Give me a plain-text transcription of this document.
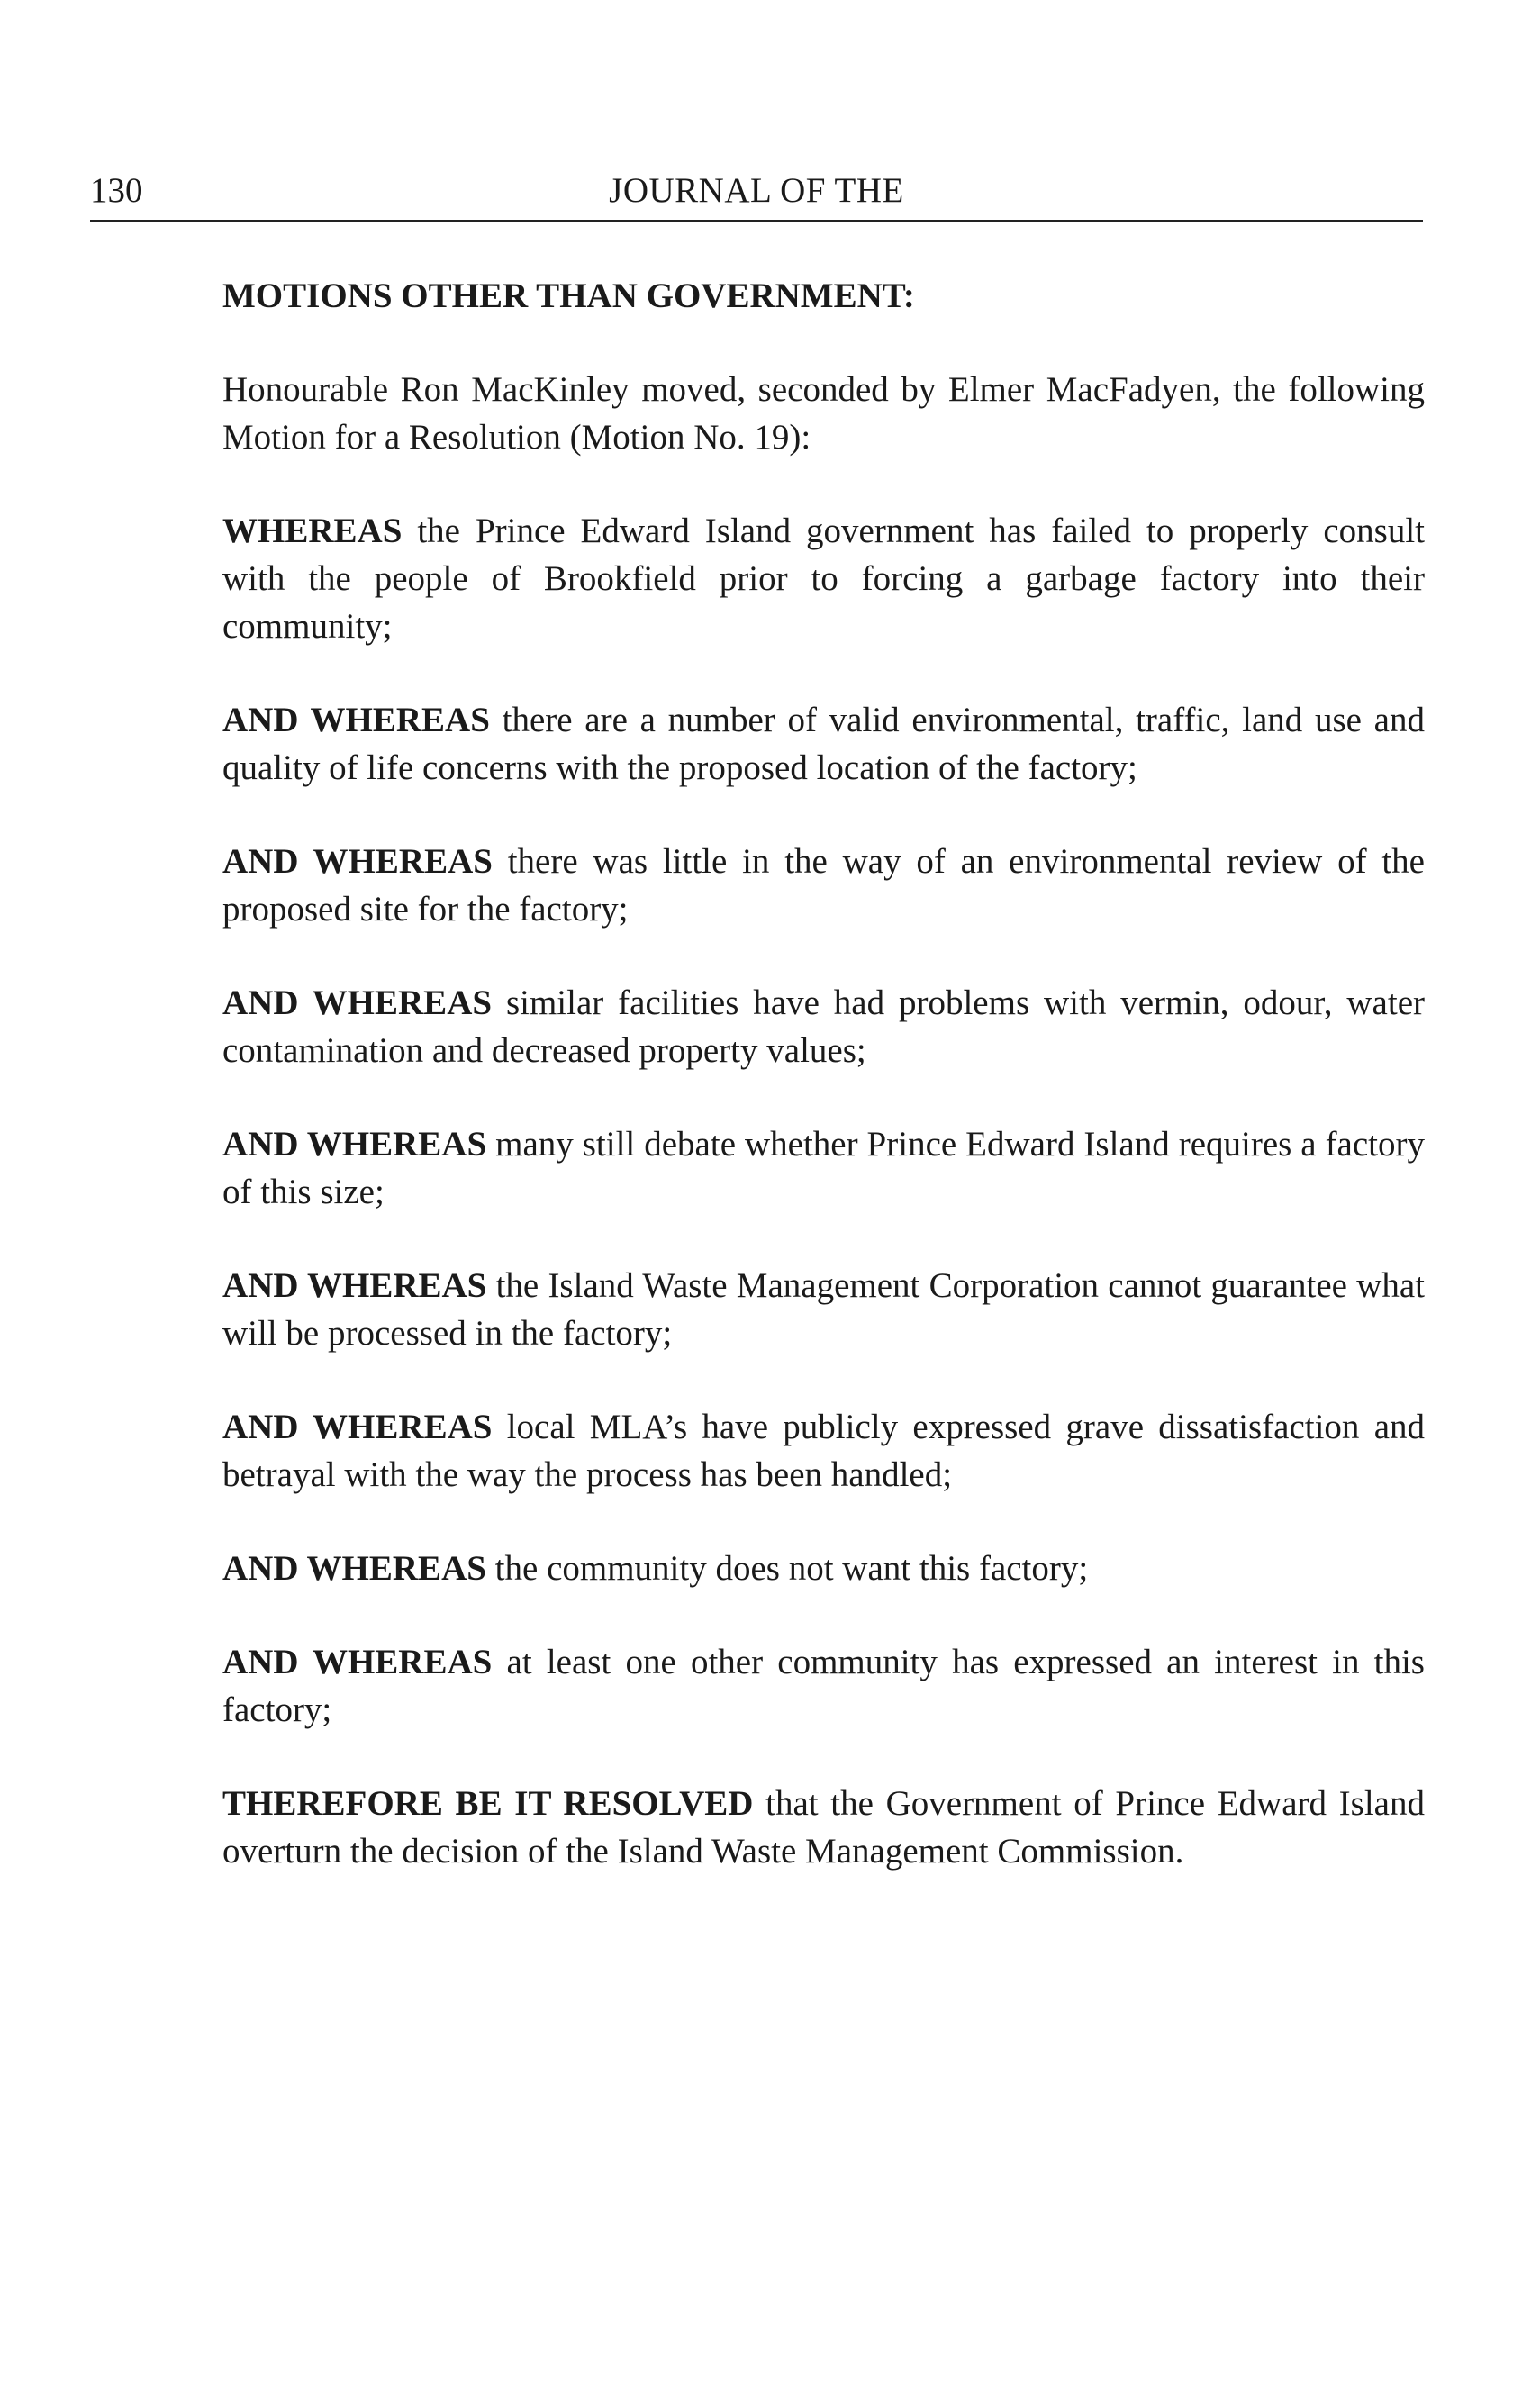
130	JOURNAL OF THE
MOTIONS OTHER THAN GOVERNMENT:

Honourable Ron MacKinley moved, seconded by Elmer MacFadyen, the following Motion for a Resolution (Motion No. 19):

WHEREAS the Prince Edward Island government has failed to properly consult with the people of Brookfield prior to forcing a garbage factory into their community;

AND WHEREAS there are a number of valid environmental, traffic, land use and quality of life concerns with the proposed location of the factory;

AND WHEREAS there was little in the way of an environmental review of the proposed site for the factory;

AND WHEREAS similar facilities have had problems with vermin, odour, water contamination and decreased property values;

AND WHEREAS many still debate whether Prince Edward Island requires a factory of this size;

AND WHEREAS the Island Waste Management Corporation cannot guarantee what will be processed in the factory;

AND WHEREAS local MLA’s have publicly expressed grave dissatisfaction and betrayal with the way the process has been handled;

AND WHEREAS the community does not want this factory;

AND WHEREAS at least one other community has expressed an interest in this factory;

THEREFORE BE IT RESOLVED that the Government of Prince Edward Island overturn the decision of the Island Waste Management Commission.
